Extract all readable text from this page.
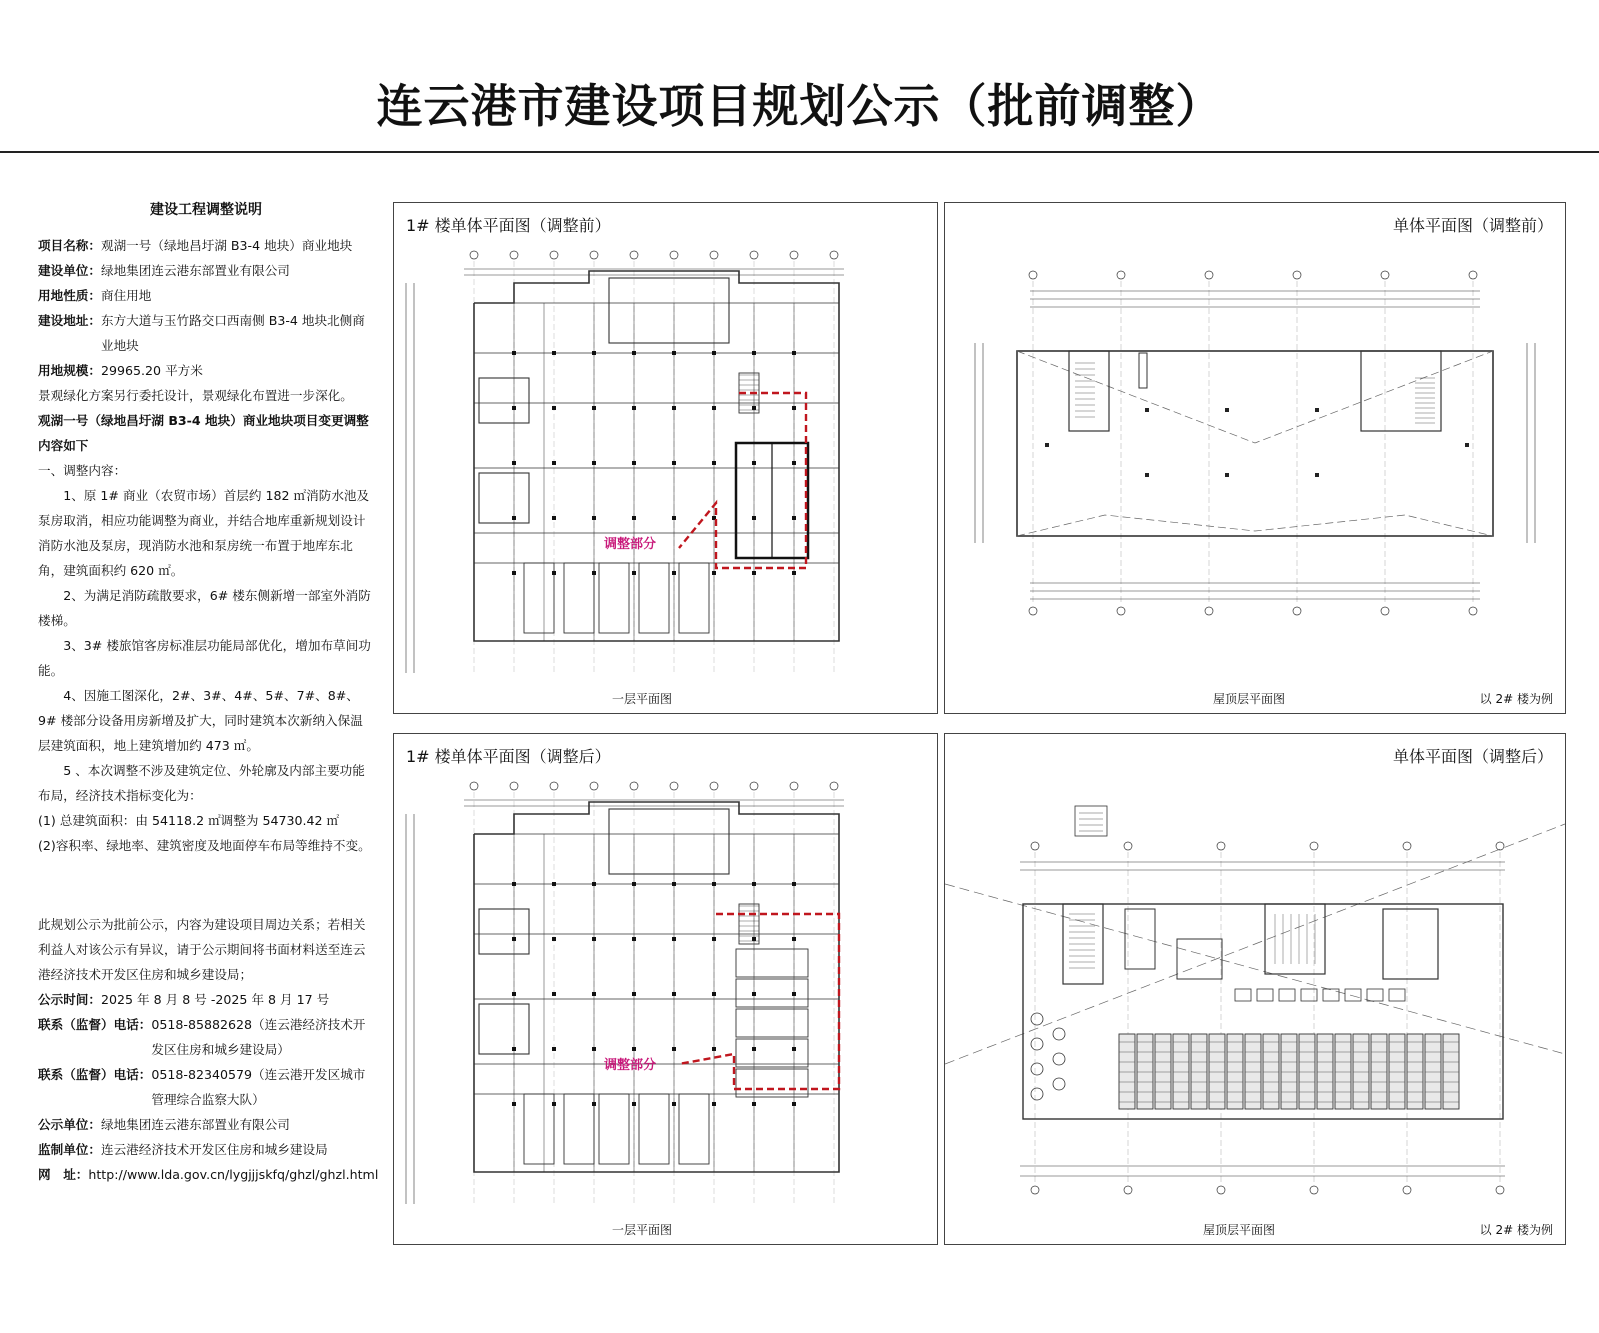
连云港市建设项目规划公示（批前调整）
建设工程调整说明
项目名称： 观湖一号（绿地昌圩湖 B3-4 地块）商业地块
建设单位： 绿地集团连云港东部置业有限公司
用地性质： 商住用地
建设地址： 东方大道与玉竹路交口西南侧 B3-4 地块北侧商业地块
用地规模： 29965.20 平方米
景观绿化方案另行委托设计，景观绿化布置进一步深化。
观湖一号（绿地昌圩湖 B3-4 地块）商业地块项目变更调整内容如下
一、调整内容：
1、原 1# 商业（农贸市场）首层约 182 ㎡消防水池及泵房取消，相应功能调整为商业，并结合地库重新规划设计消防水池及泵房，现消防水池和泵房统一布置于地库东北角，建筑面积约 620 ㎡。
2、为满足消防疏散要求，6# 楼东侧新增一部室外消防楼梯。
3、3# 楼旅馆客房标准层功能局部优化，增加布草间功能。
4、因施工图深化，2#、3#、4#、5#、7#、8#、9# 楼部分设备用房新增及扩大，同时建筑本次新纳入保温层建筑面积，地上建筑增加约 473 ㎡。
5 、本次调整不涉及建筑定位、外轮廓及内部主要功能布局，经济技术指标变化为：
(1) 总建筑面积：由 54118.2 ㎡调整为 54730.42 ㎡
(2)容积率、绿地率、建筑密度及地面停车布局等维持不变。
此规划公示为批前公示，内容为建设项目周边关系；若相关利益人对该公示有异议，请于公示期间将书面材料送至连云港经济技术开发区住房和城乡建设局；
公示时间： 2025 年 8 月 8 号 -2025 年 8 月 17 号
联系（监督）电话： 0518-85882628（连云港经济技术开发区住房和城乡建设局）
联系（监督）电话： 0518-82340579（连云港开发区城市管理综合监察大队）
公示单位： 绿地集团连云港东部置业有限公司
监制单位： 连云港经济技术开发区住房和城乡建设局
网　址： http://www.lda.gov.cn/lygjjjskfq/ghzl/ghzl.html
调整部分
1# 楼单体平面图（调整前）
一层平面图
单体平面图（调整前）
屋顶层平面图	以 2# 楼为例
调整部分
1# 楼单体平面图（调整后）
一层平面图
单体平面图（调整后）
屋顶层平面图	以 2# 楼为例
